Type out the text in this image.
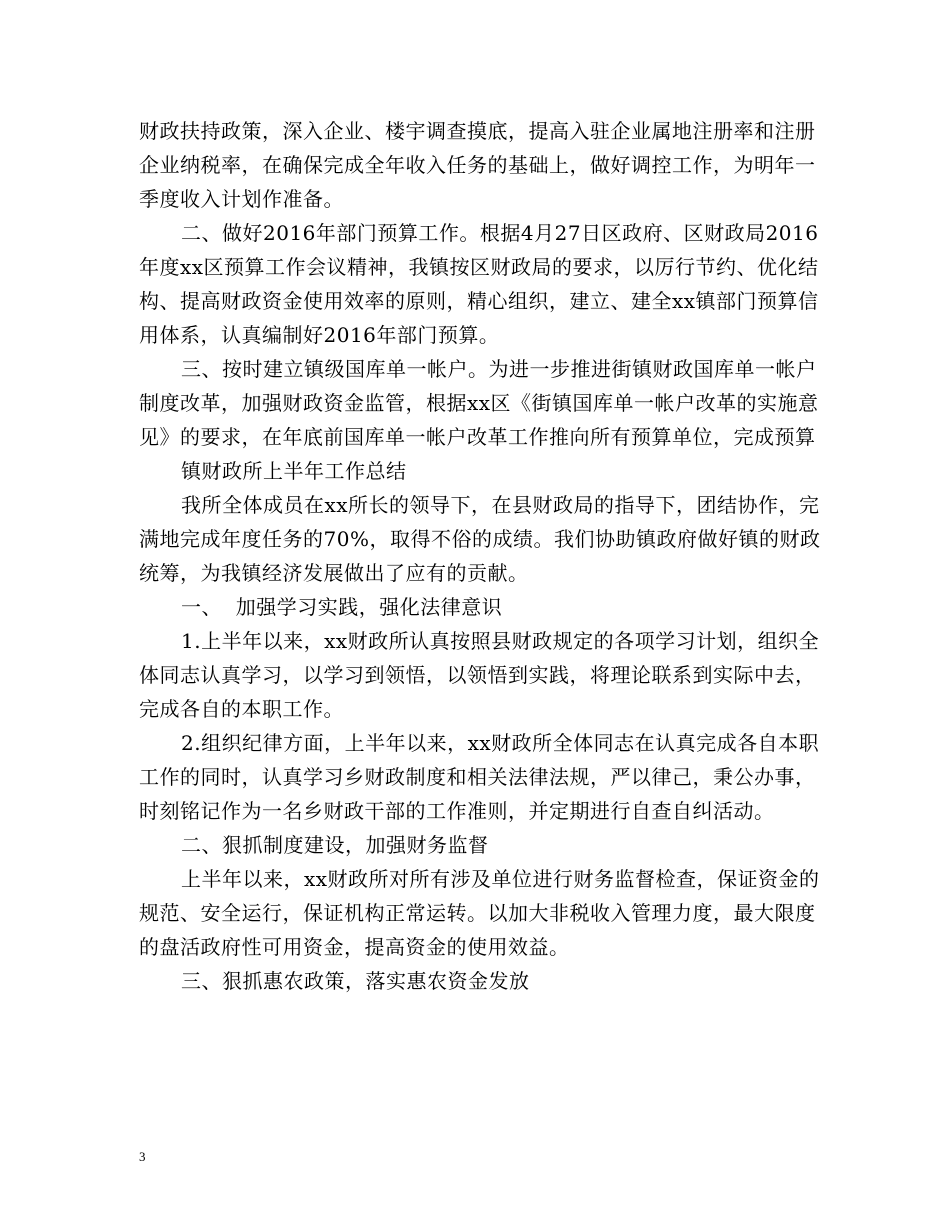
财政扶持政策，深入企业、楼宇调查摸底，提高入驻企业属地注册率和注册企业纳税率，在确保完成全年收入任务的基础上，做好调控工作，为明年一季度收入计划作准备。

二、做好2016年部门预算工作。根据4月27日区政府、区财政局2016年度xx区预算工作会议精神，我镇按区财政局的要求，以厉行节约、优化结构、提高财政资金使用效率的原则，精心组织，建立、建全xx镇部门预算信用体系，认真编制好2016年部门预算。

三、按时建立镇级国库单一帐户。为进一步推进街镇财政国库单一帐户制度改革，加强财政资金监管，根据xx区《街镇国库单一帐户改革的实施意见》的要求，在年底前国库单一帐户改革工作推向所有预算单位，完成预算

镇财政所上半年工作总结

我所全体成员在xx所长的领导下，在县财政局的指导下，团结协作，完满地完成年度任务的70%，取得不俗的成绩。我们协助镇政府做好镇的财政统筹，为我镇经济发展做出了应有的贡献。

一、  加强学习实践，强化法律意识

1.上半年以来，xx财政所认真按照县财政规定的各项学习计划，组织全体同志认真学习，以学习到领悟，以领悟到实践，将理论联系到实际中去，完成各自的本职工作。

2.组织纪律方面，上半年以来，xx财政所全体同志在认真完成各自本职工作的同时，认真学习乡财政制度和相关法律法规，严以律己，秉公办事，时刻铭记作为一名乡财政干部的工作准则，并定期进行自查自纠活动。

二、狠抓制度建设，加强财务监督

上半年以来，xx财政所对所有涉及单位进行财务监督检查，保证资金的规范、安全运行，保证机构正常运转。以加大非税收入管理力度，最大限度的盘活政府性可用资金，提高资金的使用效益。

三、狠抓惠农政策，落实惠农资金发放

3
